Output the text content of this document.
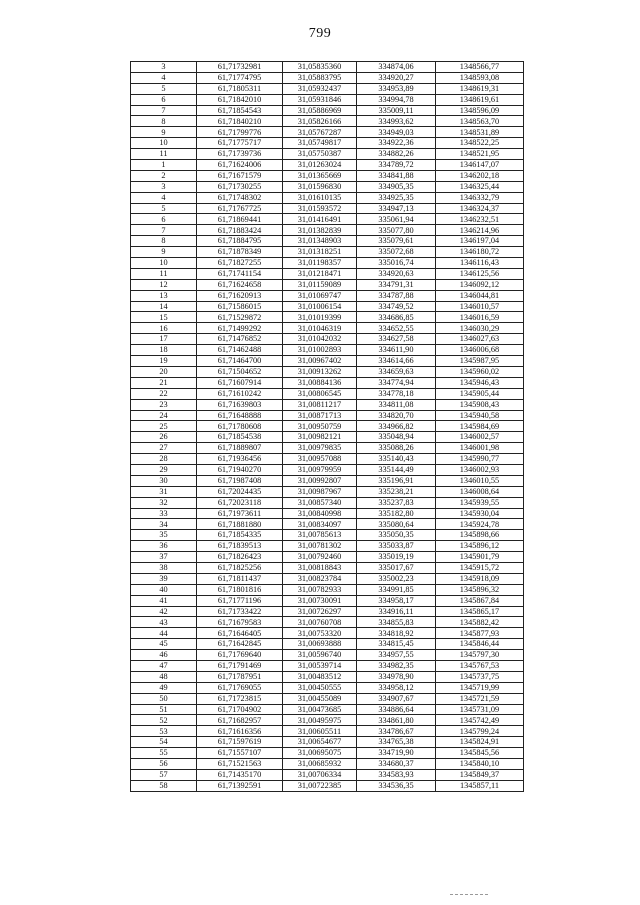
799
3	61,71732981	31,05835360	334874,06	1348566,77
4	61,71774795	31,05883795	334920,27	1348593,08
5	61,71805311	31,05932437	334953,89	1348619,31
6	61,71842010	31,05931846	334994,78	1348619,61
7	61,71854543	31,05886969	335009,11	1348596,09
8	61,71840210	31,05826166	334993,62	1348563,70
9	61,71799776	31,05767287	334949,03	1348531,89
10	61,71775717	31,05749817	334922,36	1348522,25
11	61,71739736	31,05750387	334882,26	1348521,95
1	61,71624006	31,01263024	334789,72	1346147,07
2	61,71671579	31,01365669	334841,88	1346202,18
3	61,71730255	31,01596830	334905,35	1346325,44
4	61,71748302	31,01610135	334925,35	1346332,79
5	61,71767725	31,01593572	334947,13	1346324,37
6	61,71869441	31,01416491	335061,94	1346232,51
7	61,71883424	31,01382839	335077,80	1346214,96
8	61,71884795	31,01348903	335079,61	1346197,04
9	61,71878349	31,01318251	335072,68	1346180,72
10	61,71827255	31,01198357	335016,74	1346116,43
11	61,71741154	31,01218471	334920,63	1346125,56
12	61,71624658	31,01159089	334791,31	1346092,12
13	61,71620913	31,01069747	334787,88	1346044,81
14	61,71586015	31,01006154	334749,52	1346010,57
15	61,71529872	31,01019399	334686,85	1346016,59
16	61,71499292	31,01046319	334652,55	1346030,29
17	61,71476852	31,01042032	334627,58	1346027,63
18	61,71462488	31,01002893	334611,90	1346006,68
19	61,71464700	31,00967402	334614,66	1345987,95
20	61,71504652	31,00913262	334659,63	1345960,02
21	61,71607914	31,00884136	334774,94	1345946,43
22	61,71610242	31,00806545	334778,18	1345905,44
23	61,71639803	31,00811217	334811,08	1345908,43
24	61,71648888	31,00871713	334820,70	1345940,58
25	61,71780608	31,00950759	334966,82	1345984,69
26	61,71854538	31,00982121	335048,94	1346002,57
27	61,71889807	31,00979835	335088,26	1346001,98
28	61,71936456	31,00957088	335140,43	1345990,77
29	61,71940270	31,00979959	335144,49	1346002,93
30	61,71987408	31,00992807	335196,91	1346010,55
31	61,72024435	31,00987967	335238,21	1346008,64
32	61,72023118	31,00857340	335237,83	1345939,55
33	61,71973611	31,00840998	335182,80	1345930,04
34	61,71881880	31,00834097	335080,64	1345924,78
35	61,71854335	31,00785613	335050,35	1345898,66
36	61,71839513	31,00781302	335033,87	1345896,12
37	61,71826423	31,00792460	335019,19	1345901,79
38	61,71825256	31,00818843	335017,67	1345915,72
39	61,71811437	31,00823784	335002,23	1345918,09
40	61,71801816	31,00782933	334991,85	1345896,32
41	61,71771196	31,00730091	334958,17	1345867,84
42	61,71733422	31,00726297	334916,11	1345865,17
43	61,71679583	31,00760708	334855,83	1345882,42
44	61,71646405	31,00753320	334818,92	1345877,93
45	61,71642845	31,00693888	334815,45	1345846,44
46	61,71769640	31,00596740	334957,55	1345797,30
47	61,71791469	31,00539714	334982,35	1345767,53
48	61,71787951	31,00483512	334978,90	1345737,75
49	61,71769055	31,00450555	334958,12	1345719,99
50	61,71723815	31,00455089	334907,67	1345721,59
51	61,71704902	31,00473685	334886,64	1345731,09
52	61,71682957	31,00495975	334861,80	1345742,49
53	61,71616356	31,00605511	334786,67	1345799,24
54	61,71597619	31,00654677	334765,38	1345824,91
55	61,71557107	31,00695075	334719,90	1345845,56
56	61,71521563	31,00685932	334680,37	1345840,10
57	61,71435170	31,00706334	334583,93	1345849,37
58	61,71392591	31,00722385	334536,35	1345857,11
